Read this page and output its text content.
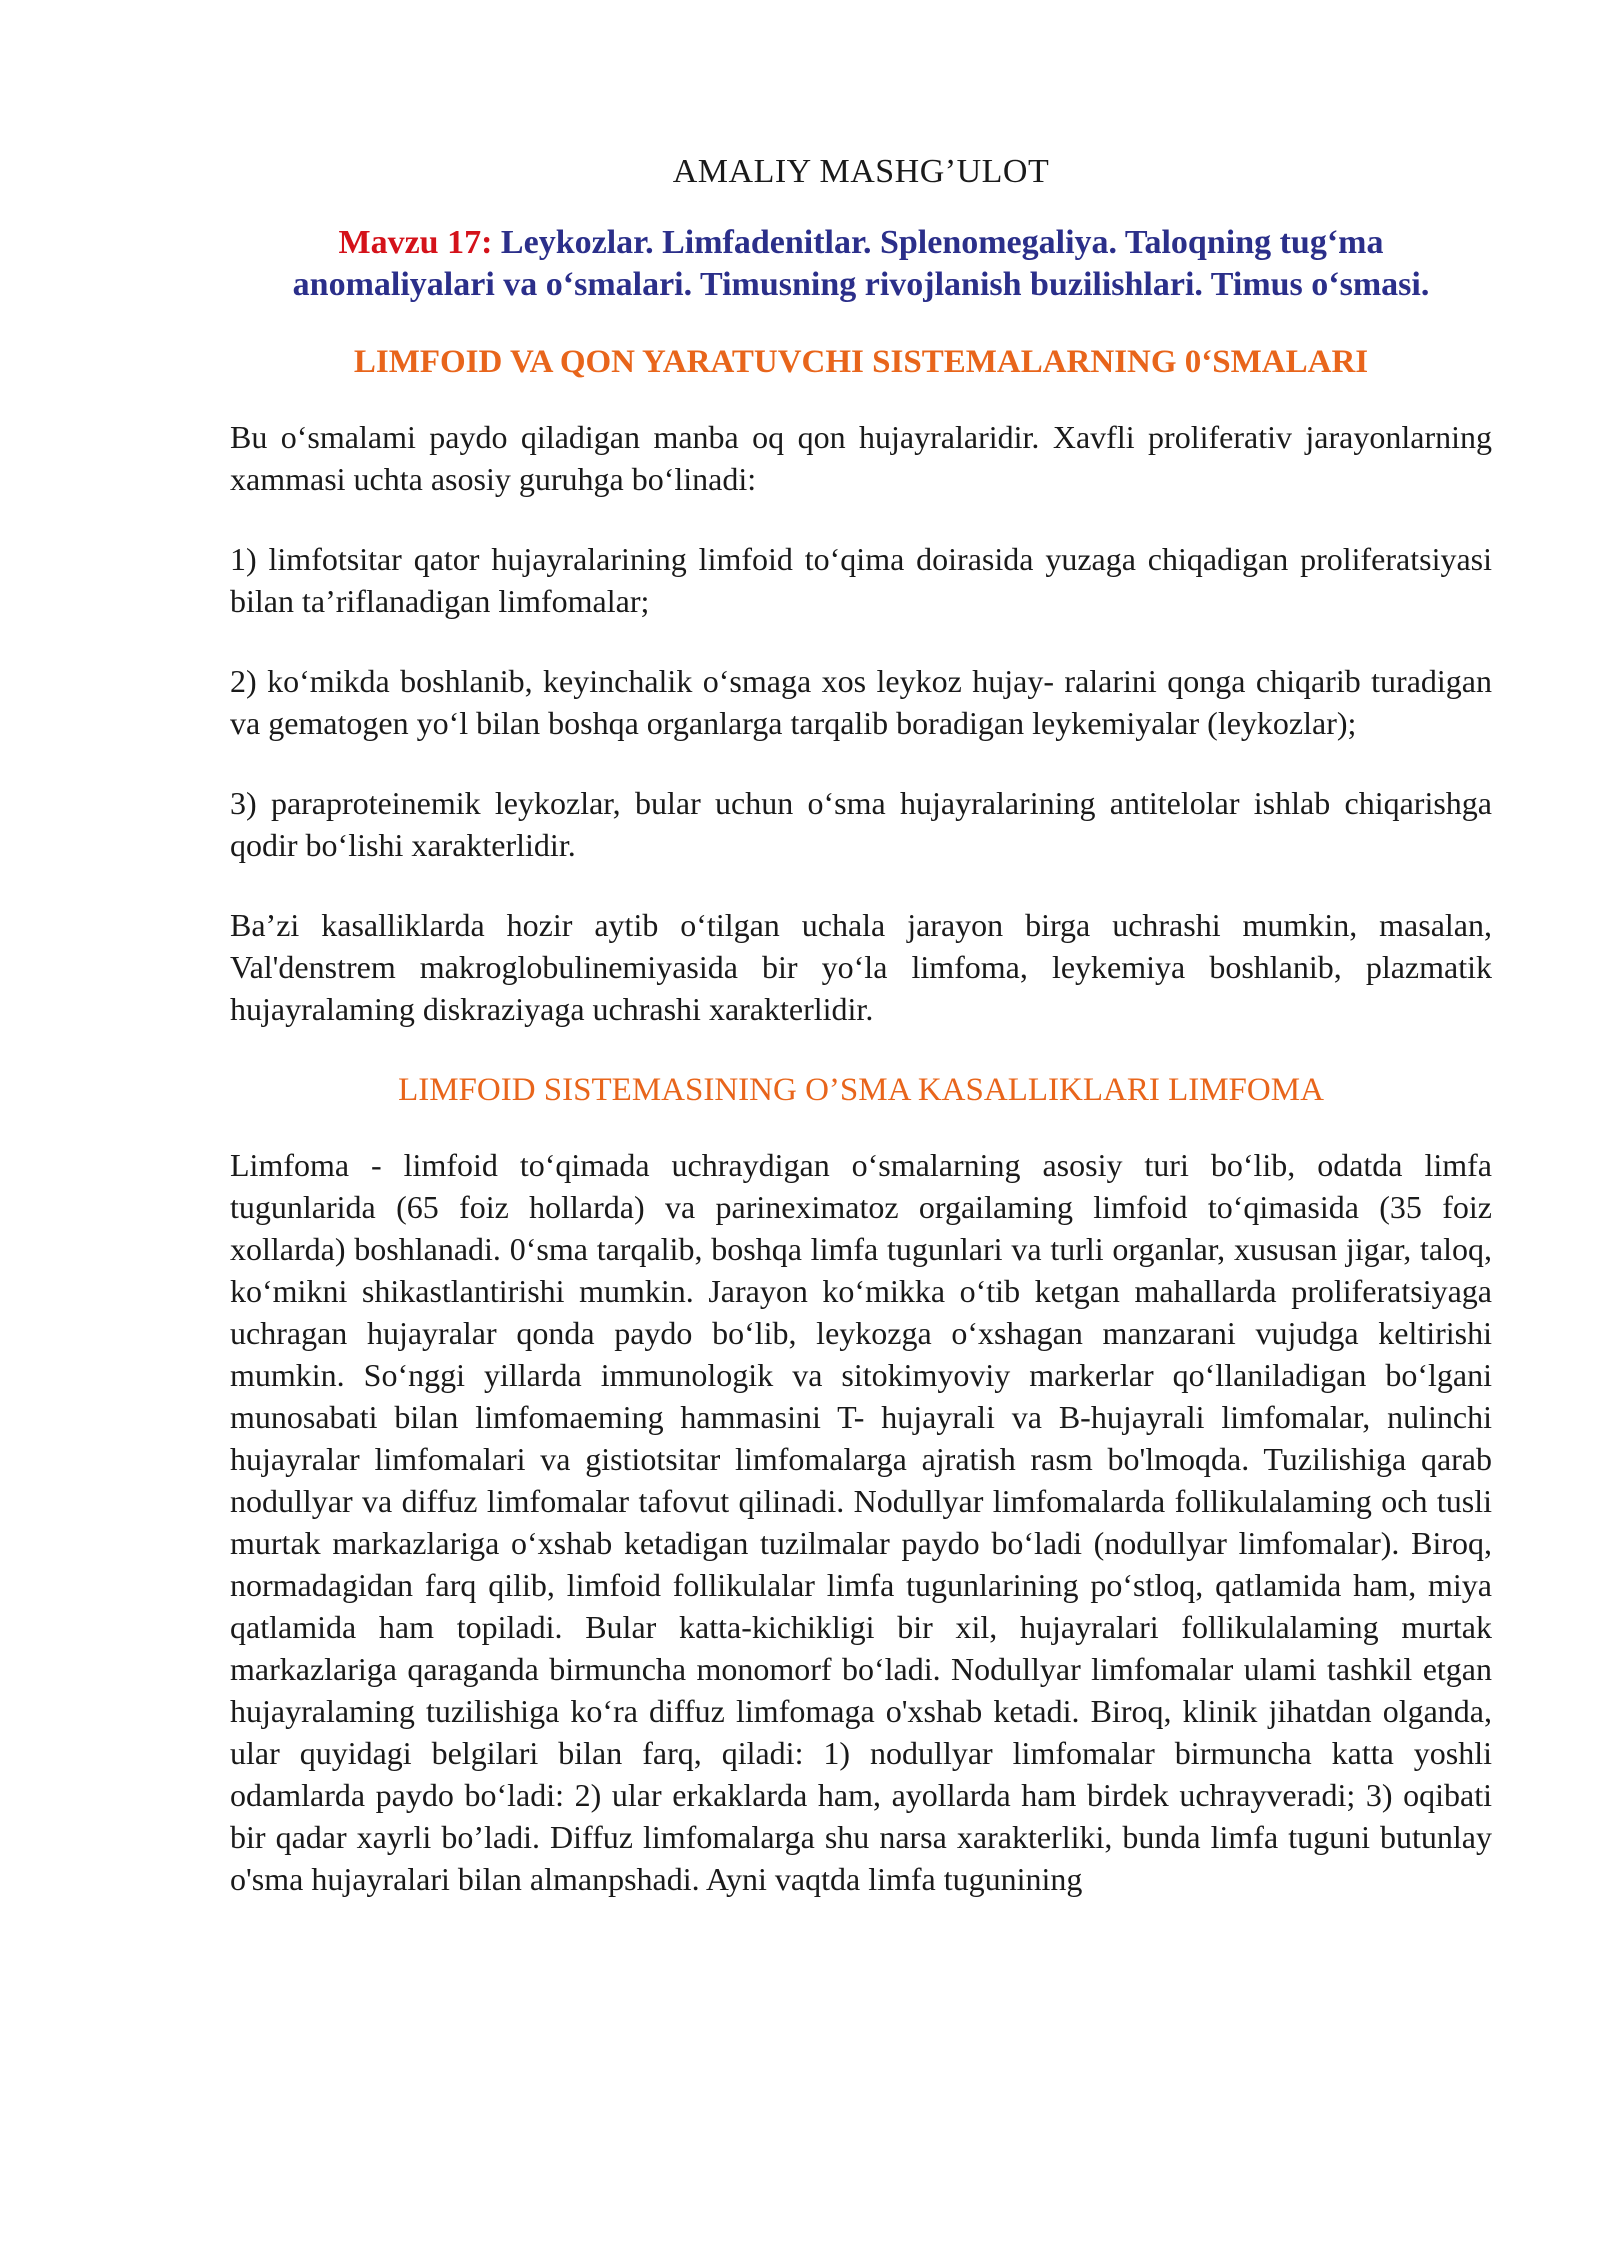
AMALIY MASHG’ULOT
Mavzu 17: Leykozlar. Limfadenitlar. Splenomegaliya. Taloqning tug‘ma anomaliyalari va o‘smalari. Timusning rivojlanish buzilishlari. Timus o‘smasi.
LIMFOID VA QON YARATUVCHI SISTEMALARNING 0‘SMALARI

Bu o‘smalami paydo qiladigan manba oq qon hujayralaridir. Xavfli proliferativ jarayonlarning xammasi uchta asosiy guruhga bo‘linadi:

1) limfotsitar qator hujayralarining limfoid to‘qima doirasida yuzaga chiqadigan proliferatsiyasi bilan ta’riflanadigan limfomalar;

2) ko‘mikda boshlanib, keyinchalik o‘smaga xos leykoz hujay- ralarini qonga chiqarib turadigan va gematogen yo‘l bilan boshqa organlarga tarqalib boradigan leykemiyalar (leykozlar);

3) paraproteinemik leykozlar, bular uchun o‘sma hujayralarining antitelolar ishlab chiqarishga qodir bo‘lishi xarakterlidir.

Ba’zi kasalliklarda hozir aytib o‘tilgan uchala jarayon birga uchrashi mumkin, masalan, Val'denstrem makroglobulinemiyasida bir yo‘la limfoma, leykemiya boshlanib, plazmatik hujayralaming diskraziyaga uchrashi xarakterlidir.

LIMFOID SISTEMASINING O’SMA KASALLIKLARI LIMFOMA

Limfoma - limfoid to‘qimada uchraydigan o‘smalarning asosiy turi bo‘lib, odatda limfa tugunlarida (65 foiz hollarda) va parineximatoz orgailaming limfoid to‘qimasida (35 foiz xollarda) boshlanadi. 0‘sma tarqalib, boshqa limfa tugunlari va turli organlar, xususan jigar, taloq, ko‘mikni shikastlantirishi mumkin. Jarayon ko‘mikka o‘tib ketgan mahallarda proliferatsiyaga uchragan hujayralar qonda paydo bo‘lib, leykozga o‘xshagan manzarani vujudga keltirishi mumkin. So‘nggi yillarda immunologik va sitokimyoviy markerlar qo‘llaniladigan bo‘lgani munosabati bilan limfomaeming hammasini T- hujayrali va B-hujayrali limfomalar, nulinchi hujayralar limfomalari va gistiotsitar limfomalarga ajratish rasm bo'lmoqda. Tuzilishiga qarab nodullyar va diffuz limfomalar tafovut qilinadi. Nodullyar limfomalarda follikulalaming och tusli murtak markazlariga o‘xshab ketadigan tuzilmalar paydo bo‘ladi (nodullyar limfomalar). Biroq, normadagidan farq qilib, limfoid follikulalar limfa tugunlarining po‘stloq, qatlamida ham, miya qatlamida ham topiladi. Bular katta-kichikligi bir xil, hujayralari follikulalaming murtak markazlariga qaraganda birmuncha monomorf bo‘ladi. Nodullyar limfomalar ulami tashkil etgan hujayralaming tuzilishiga ko‘ra diffuz limfomaga o'xshab ketadi. Biroq, klinik jihatdan olganda, ular quyidagi belgilari bilan farq, qiladi: 1) nodullyar limfomalar birmuncha katta yoshli odamlarda paydo bo‘ladi: 2) ular erkaklarda ham, ayollarda ham birdek uchrayveradi; 3) oqibati bir qadar xayrli bo’ladi. Diffuz limfomalarga shu narsa xarakterliki, bunda limfa tuguni butunlay o'sma hujayralari bilan almanpshadi. Ayni vaqtda limfa tugunining
